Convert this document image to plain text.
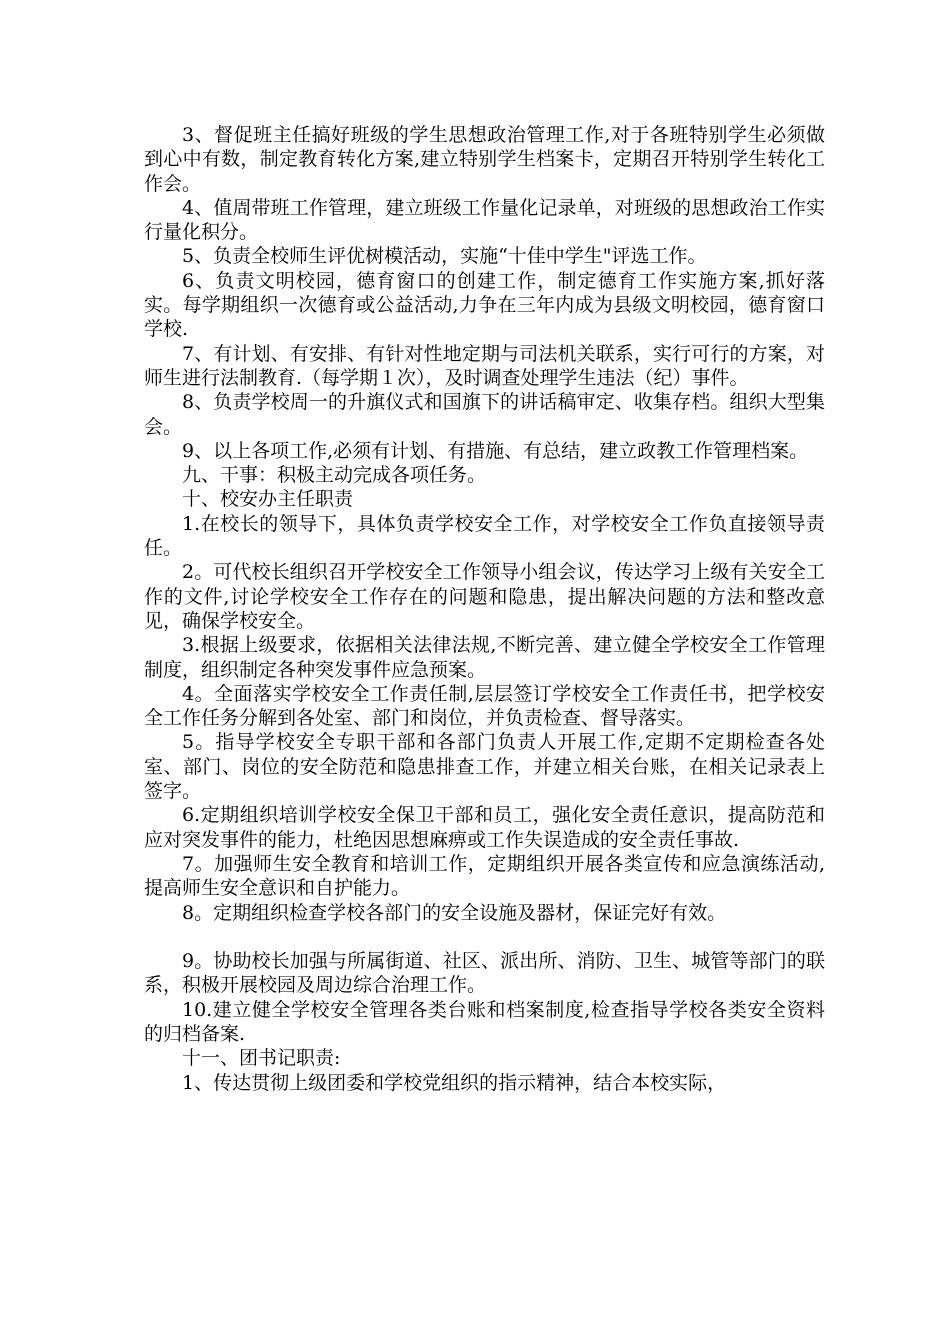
3、督促班主任搞好班级的学生思想政治管理工作,对于各班特别学生必须做到心中有数，制定教育转化方案,建立特别学生档案卡，定期召开特别学生转化工作会。

4、值周带班工作管理，建立班级工作量化记录单，对班级的思想政治工作实行量化积分。

5、负责全校师生评优树模活动，实施“十佳中学生"评选工作。

6、负责文明校园，德育窗口的创建工作，制定德育工作实施方案,抓好落实。每学期组织一次德育或公益活动,力争在三年内成为县级文明校园，德育窗口学校.

7、有计划、有安排、有针对性地定期与司法机关联系，实行可行的方案，对师生进行法制教育.（每学期１次），及时调查处理学生违法（纪）事件。

8、负责学校周一的升旗仪式和国旗下的讲话稿审定、收集存档。组织大型集会。

9、以上各项工作,必须有计划、有措施、有总结，建立政教工作管理档案。

九、干事：积极主动完成各项任务。

十、校安办主任职责

1.在校长的领导下，具体负责学校安全工作，对学校安全工作负直接领导责任。

2。可代校长组织召开学校安全工作领导小组会议，传达学习上级有关安全工作的文件,讨论学校安全工作存在的问题和隐患，提出解决问题的方法和整改意见，确保学校安全。

3.根据上级要求，依据相关法律法规,不断完善、建立健全学校安全工作管理制度，组织制定各种突发事件应急预案。

4。全面落实学校安全工作责任制,层层签订学校安全工作责任书，把学校安全工作任务分解到各处室、部门和岗位，并负责检查、督导落实。

5。指导学校安全专职干部和各部门负责人开展工作,定期不定期检查各处室、部门、岗位的安全防范和隐患排查工作，并建立相关台账，在相关记录表上签字。

6.定期组织培训学校安全保卫干部和员工，强化安全责任意识，提高防范和应对突发事件的能力，杜绝因思想麻痹或工作失误造成的安全责任事故.

7。加强师生安全教育和培训工作，定期组织开展各类宣传和应急演练活动,提高师生安全意识和自护能力。

8。定期组织检查学校各部门的安全设施及器材，保证完好有效。

9。协助校长加强与所属街道、社区、派出所、消防、卫生、城管等部门的联系，积极开展校园及周边综合治理工作。

10.建立健全学校安全管理各类台账和档案制度,检查指导学校各类安全资料的归档备案.

十一、团书记职责:

1、传达贯彻上级团委和学校党组织的指示精神，结合本校实际，
